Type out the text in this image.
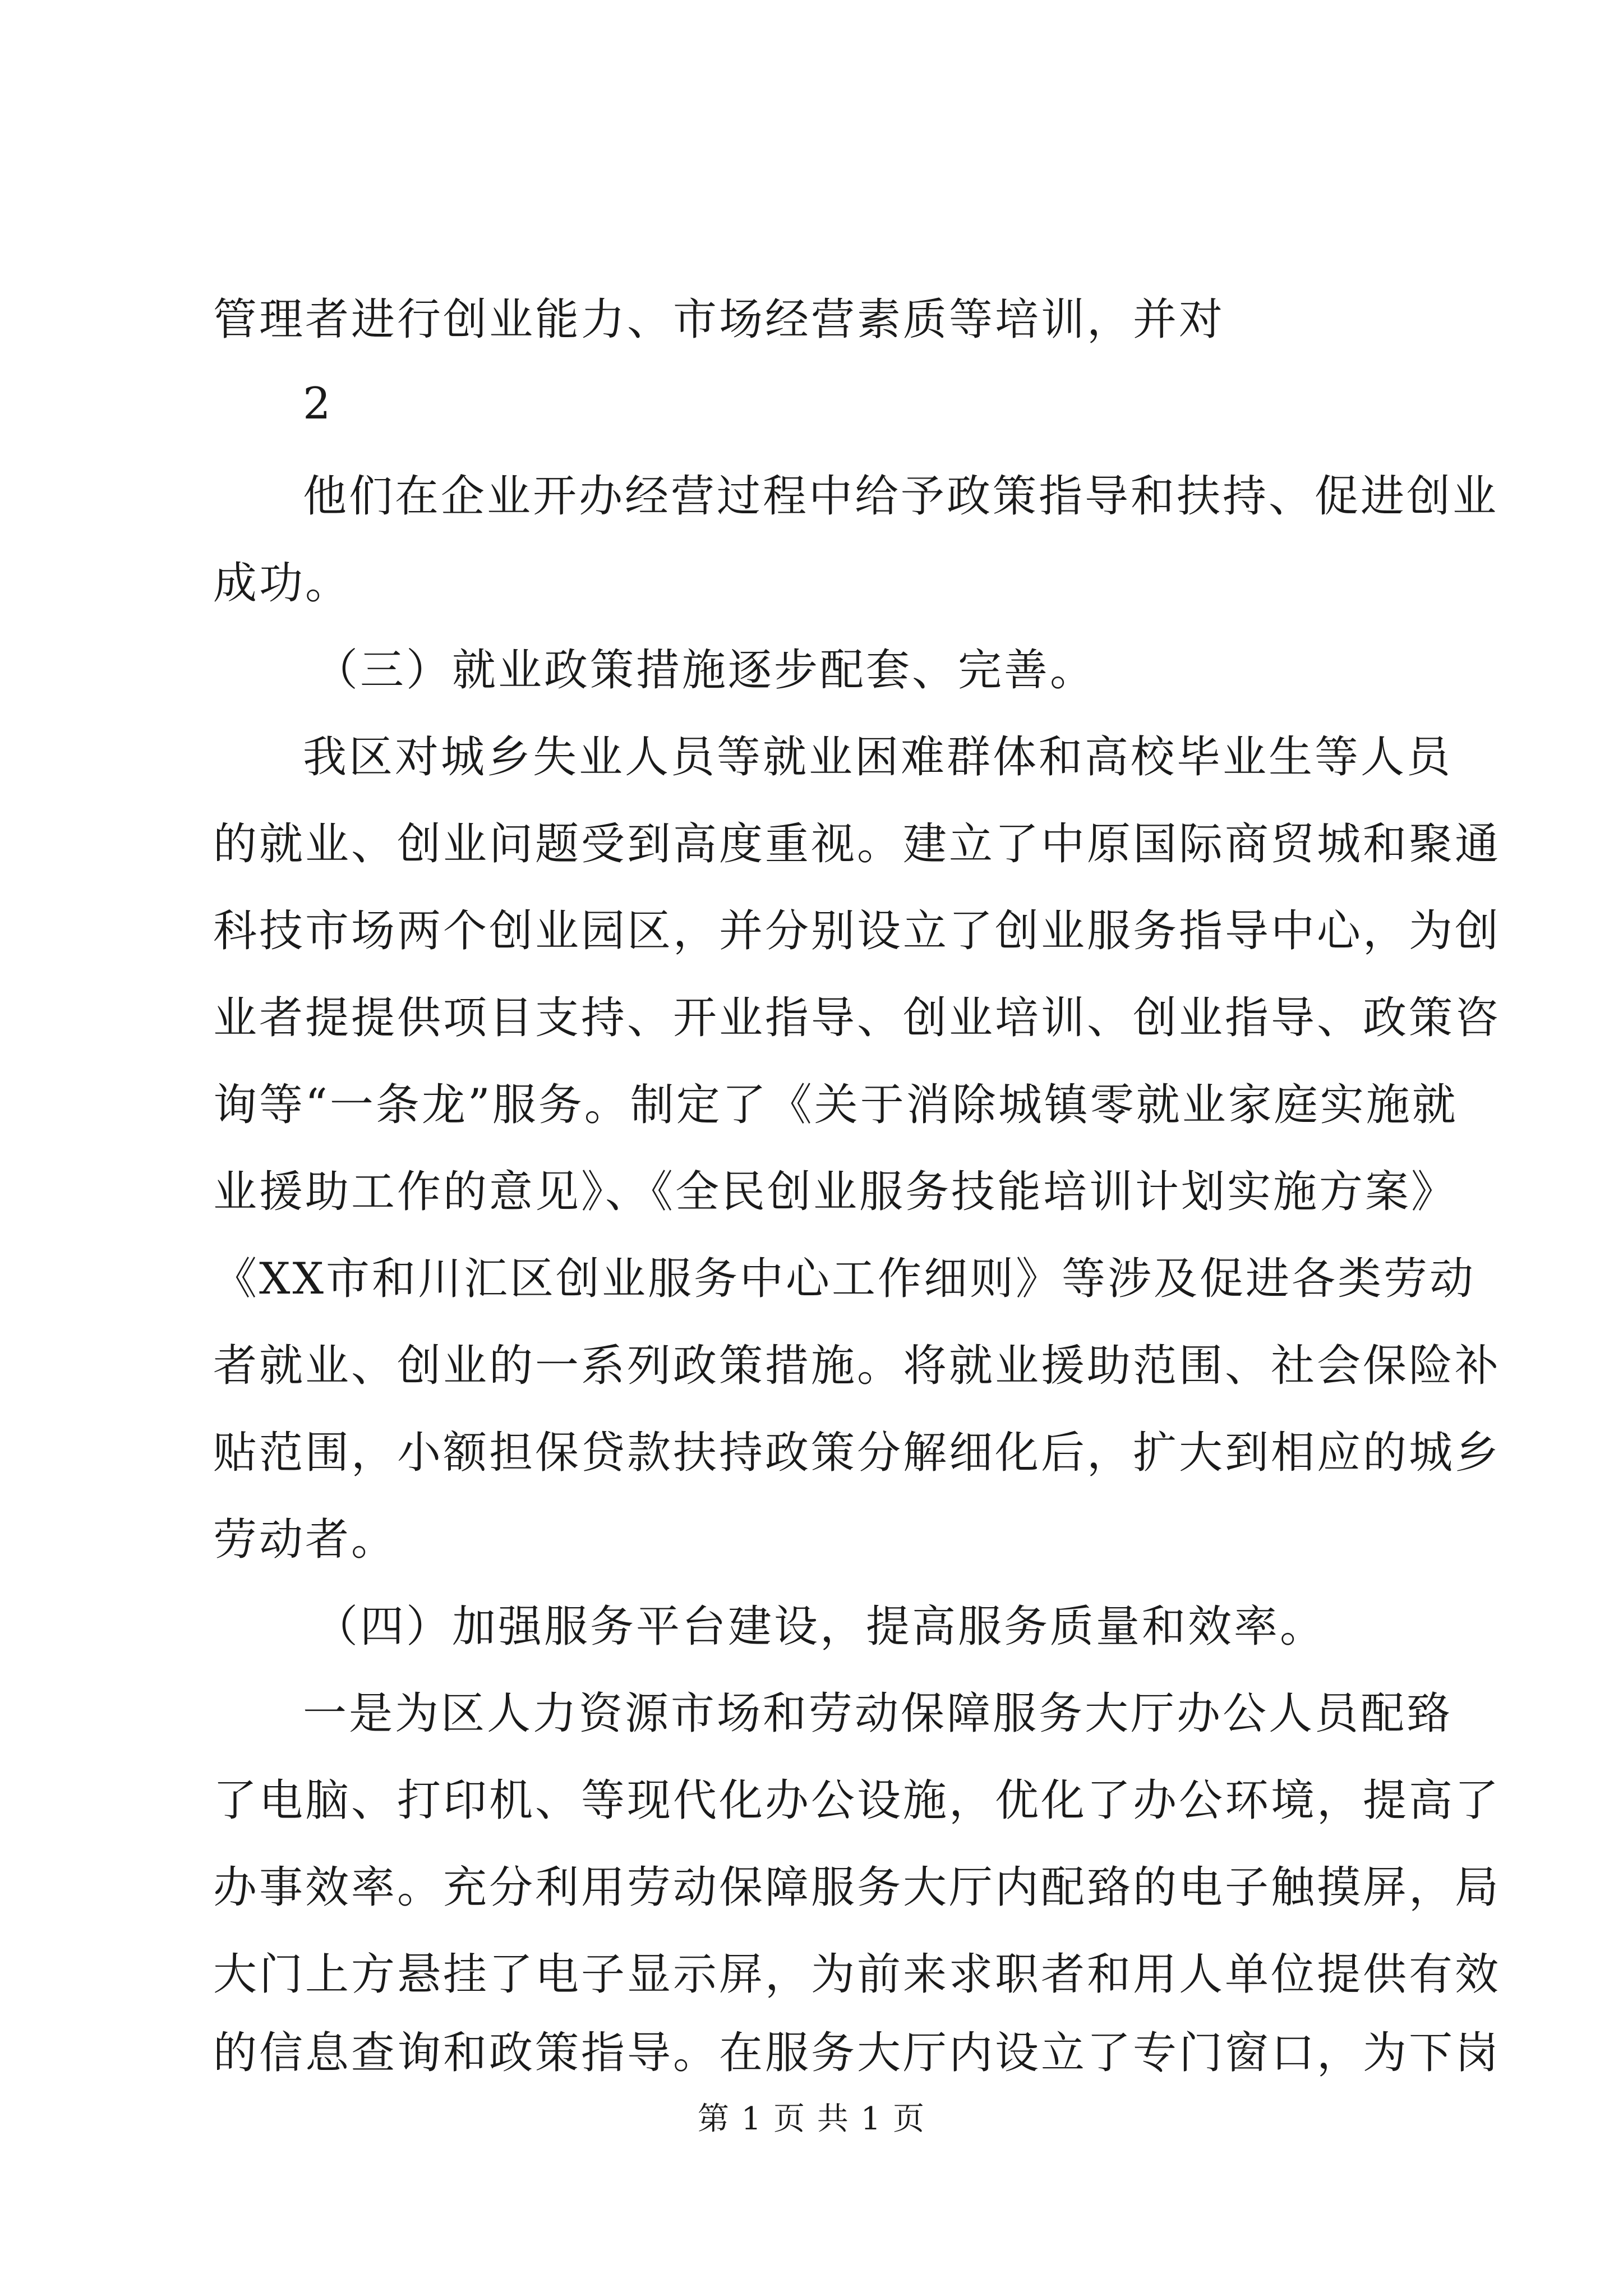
管理者进行创业能力、市场经营素质等培训，并对
2
他们在企业开办经营过程中给予政策指导和扶持、促进创业
成功。
（三）就业政策措施逐步配套、完善。
我区对城乡失业人员等就业困难群体和高校毕业生等人员
的就业、创业问题受到高度重视。建立了中原国际商贸城和聚通
科技市场两个创业园区，并分别设立了创业服务指导中心，为创
业者提提供项目支持、开业指导、创业培训、创业指导、政策咨
询等“一条龙”服务。制定了《关于消除城镇零就业家庭实施就
业援助工作的意见》、《全民创业服务技能培训计划实施方案》
《XX市和川汇区创业服务中心工作细则》等涉及促进各类劳动
者就业、创业的一系列政策措施。将就业援助范围、社会保险补
贴范围，小额担保贷款扶持政策分解细化后，扩大到相应的城乡
劳动者。
（四）加强服务平台建设，提高服务质量和效率。
一是为区人力资源市场和劳动保障服务大厅办公人员配臵
了电脑、打印机、等现代化办公设施，优化了办公环境，提高了
办事效率。充分利用劳动保障服务大厅内配臵的电子触摸屏，局
大门上方悬挂了电子显示屏，为前来求职者和用人单位提供有效
的信息查询和政策指导。在服务大厅内设立了专门窗口，为下岗
第 1 页 共 1 页
